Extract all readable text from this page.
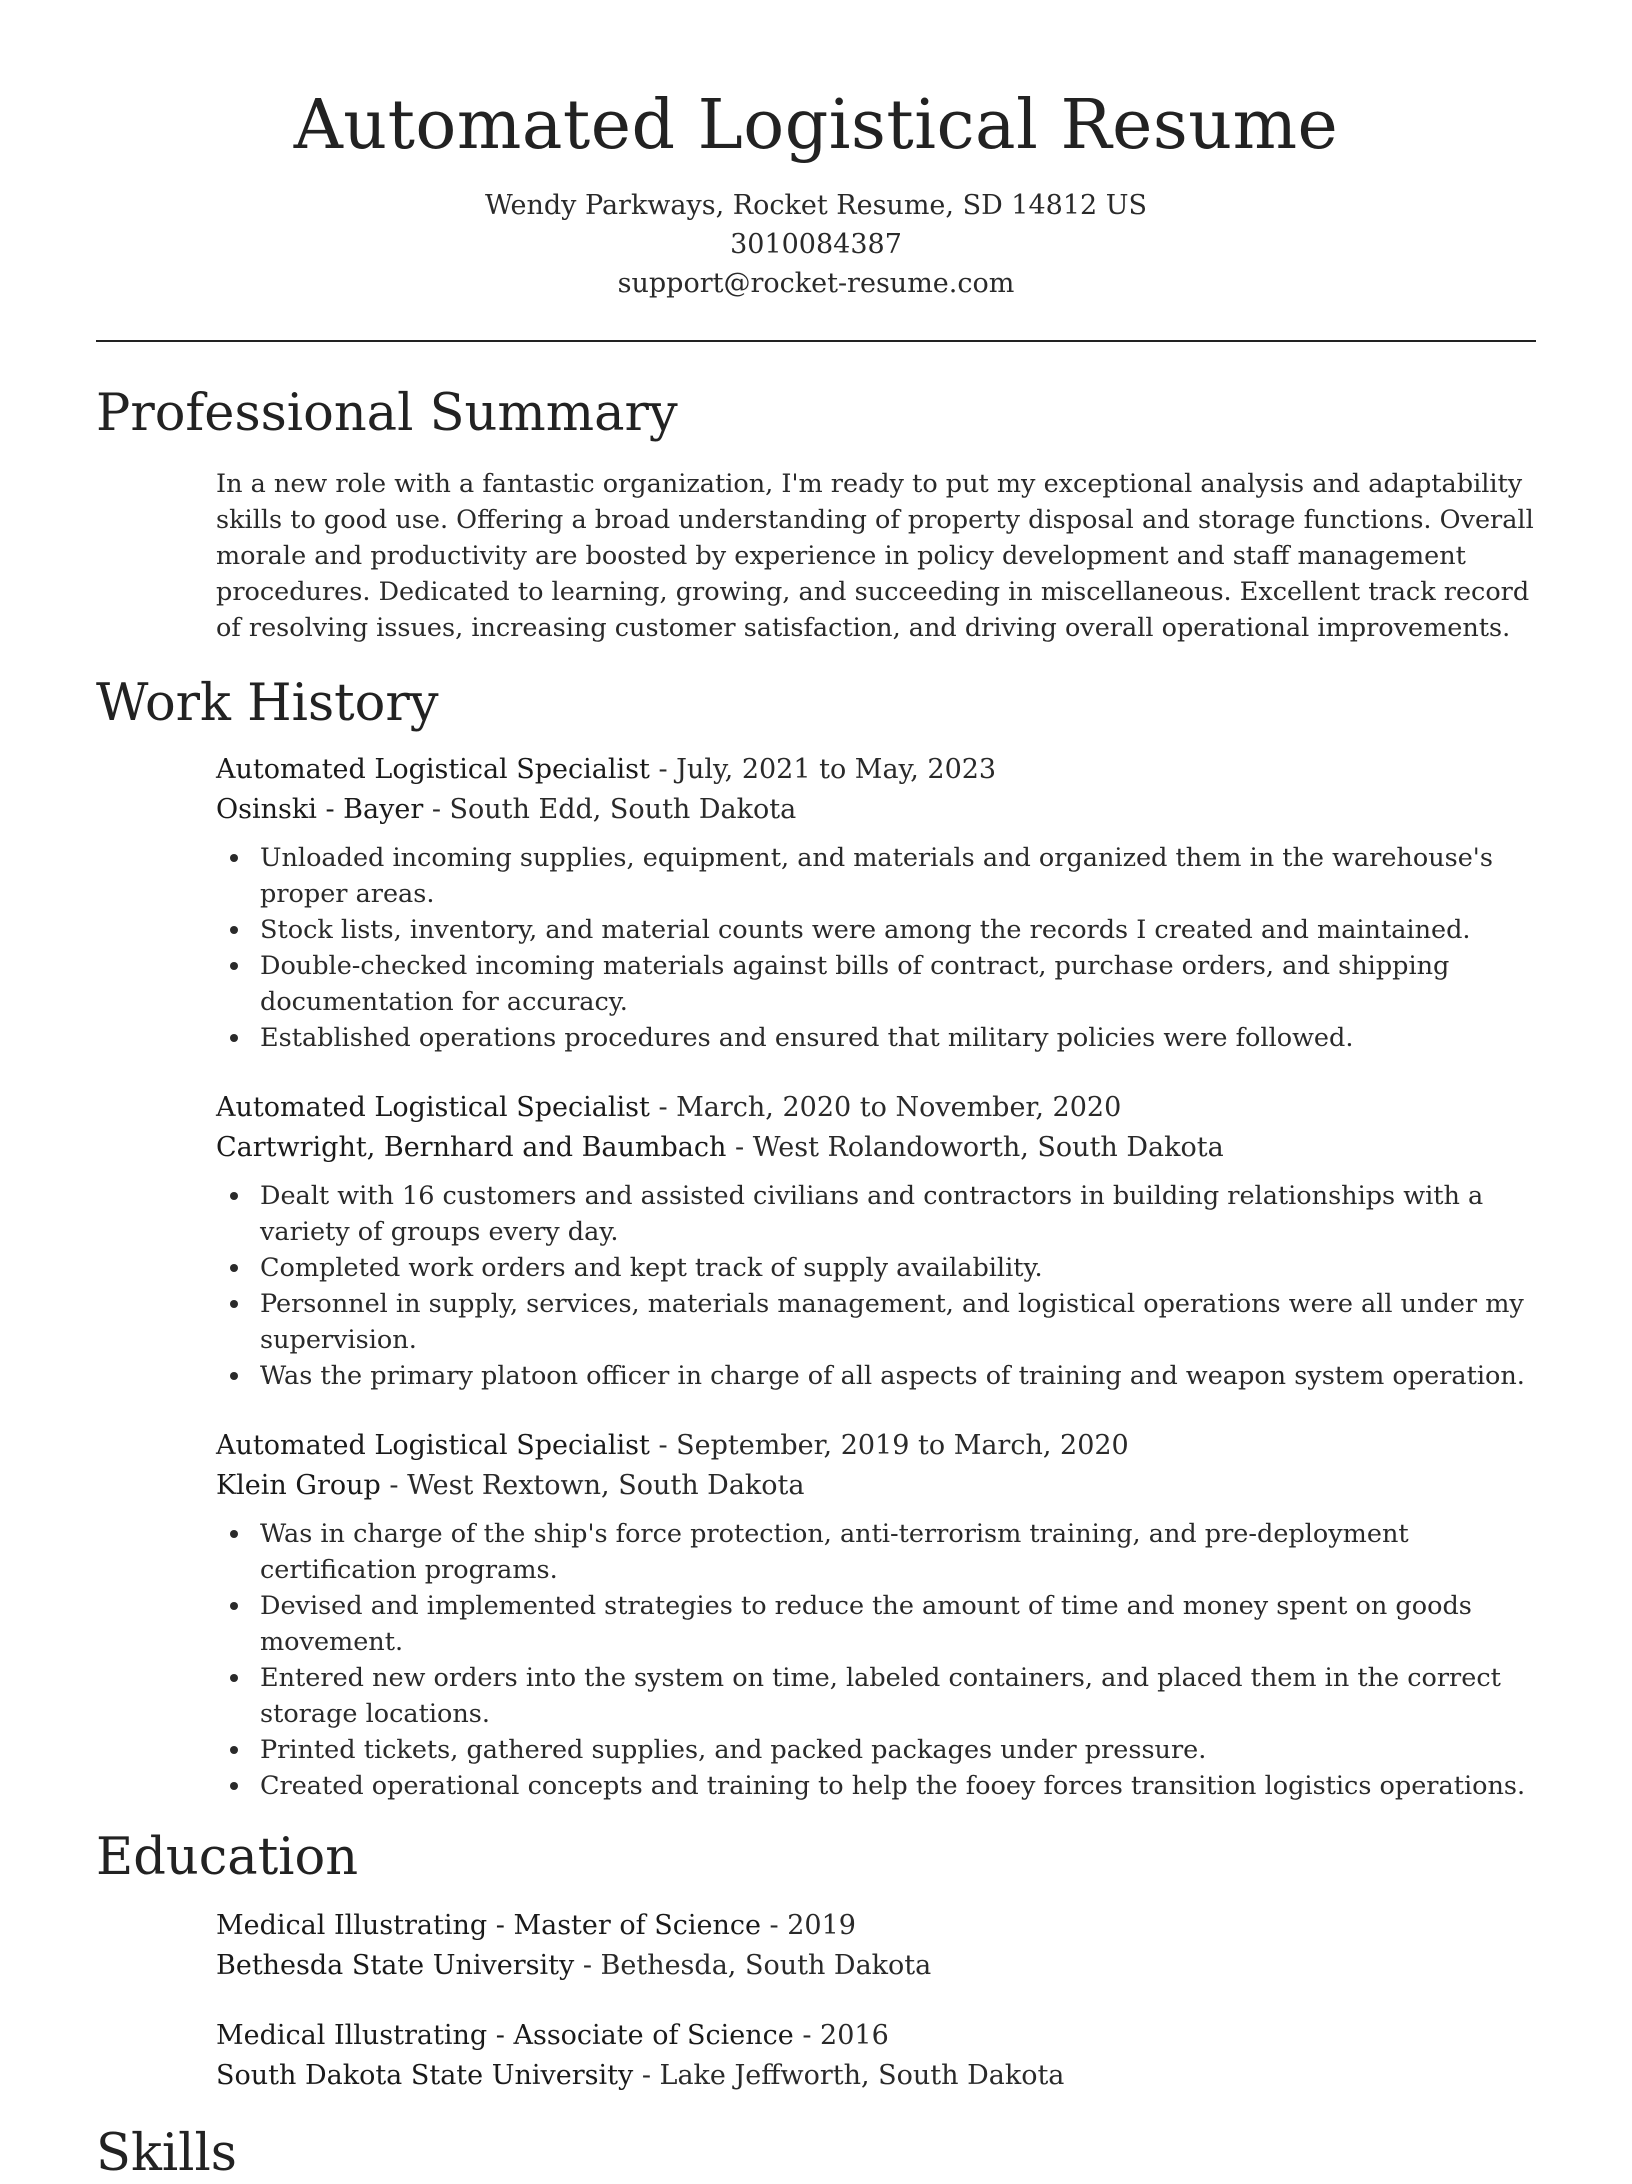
Automated Logistical Resume
Wendy Parkways, Rocket Resume, SD 14812 US
3010084387
support@rocket-resume.com
Professional Summary

In a new role with a fantastic organization, I'm ready to put my exceptional analysis and adaptability skills to good use. Offering a broad understanding of property disposal and storage functions. Overall morale and productivity are boosted by experience in policy development and staff management procedures. Dedicated to learning, growing, and succeeding in miscellaneous. Excellent track record of resolving issues, increasing customer satisfaction, and driving overall operational improvements.

Work History
Automated Logistical Specialist - July, 2021 to May, 2023
Osinski - Bayer - South Edd, South Dakota
Unloaded incoming supplies, equipment, and materials and organized them in the warehouse's proper areas.
Stock lists, inventory, and material counts were among the records I created and maintained.
Double-checked incoming materials against bills of contract, purchase orders, and shipping documentation for accuracy.
Established operations procedures and ensured that military policies were followed.
Automated Logistical Specialist - March, 2020 to November, 2020
Cartwright, Bernhard and Baumbach - West Rolandoworth, South Dakota
Dealt with 16 customers and assisted civilians and contractors in building relationships with a variety of groups every day.
Completed work orders and kept track of supply availability.
Personnel in supply, services, materials management, and logistical operations were all under my supervision.
Was the primary platoon officer in charge of all aspects of training and weapon system operation.
Automated Logistical Specialist - September, 2019 to March, 2020
Klein Group - West Rextown, South Dakota
Was in charge of the ship's force protection, anti-terrorism training, and pre-deployment certification programs.
Devised and implemented strategies to reduce the amount of time and money spent on goods movement.
Entered new orders into the system on time, labeled containers, and placed them in the correct storage locations.
Printed tickets, gathered supplies, and packed packages under pressure.
Created operational concepts and training to help the fooey forces transition logistics operations.
Education
Medical Illustrating - Master of Science - 2019
Bethesda State University - Bethesda, South Dakota
Medical Illustrating - Associate of Science - 2016
South Dakota State University - Lake Jeffworth, South Dakota
Skills
